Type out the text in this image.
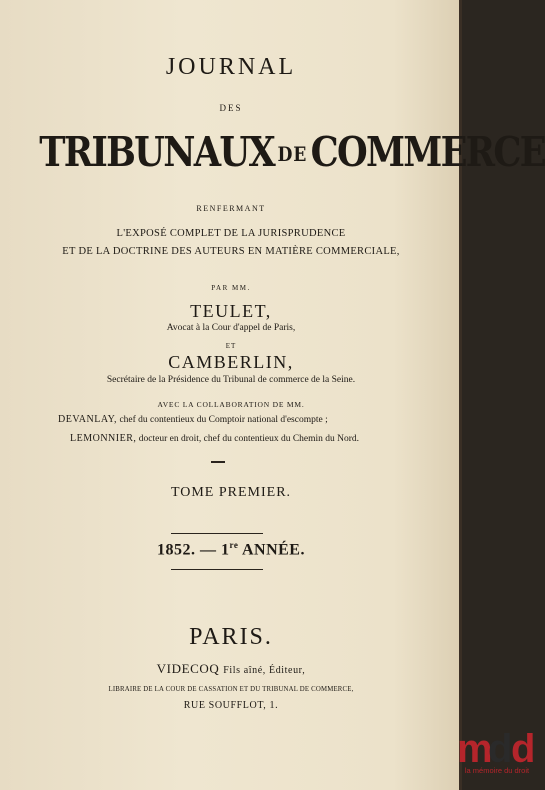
JOURNAL
DES
TRIBUNAUX DECOMMERCE
RENFERMANT
L'EXPOSÉ COMPLET DE LA JURISPRUDENCE
ET DE LA DOCTRINE DES AUTEURS EN MATIÈRE COMMERCIALE,
PAR MM.
TEULET,
Avocat à la Cour d'appel de Paris,
ET
CAMBERLIN,
Secrétaire de la Présidence du Tribunal de commerce de la Seine.
AVEC LA COLLABORATION DE MM.
DEVANLAY, chef du contentieux du Comptoir national d'escompte ;
LEMONNIER, docteur en droit, chef du contentieux du Chemin du Nord.
TOME PREMIER.
1852. — 1re ANNÉE.
PARIS.
VIDECOQ Fils aîné, Éditeur,
LIBRAIRE DE LA COUR DE CASSATION ET DU TRIBUNAL DE COMMERCE,
RUE SOUFFLOT, 1.
m
d d
la mémoire du droit
